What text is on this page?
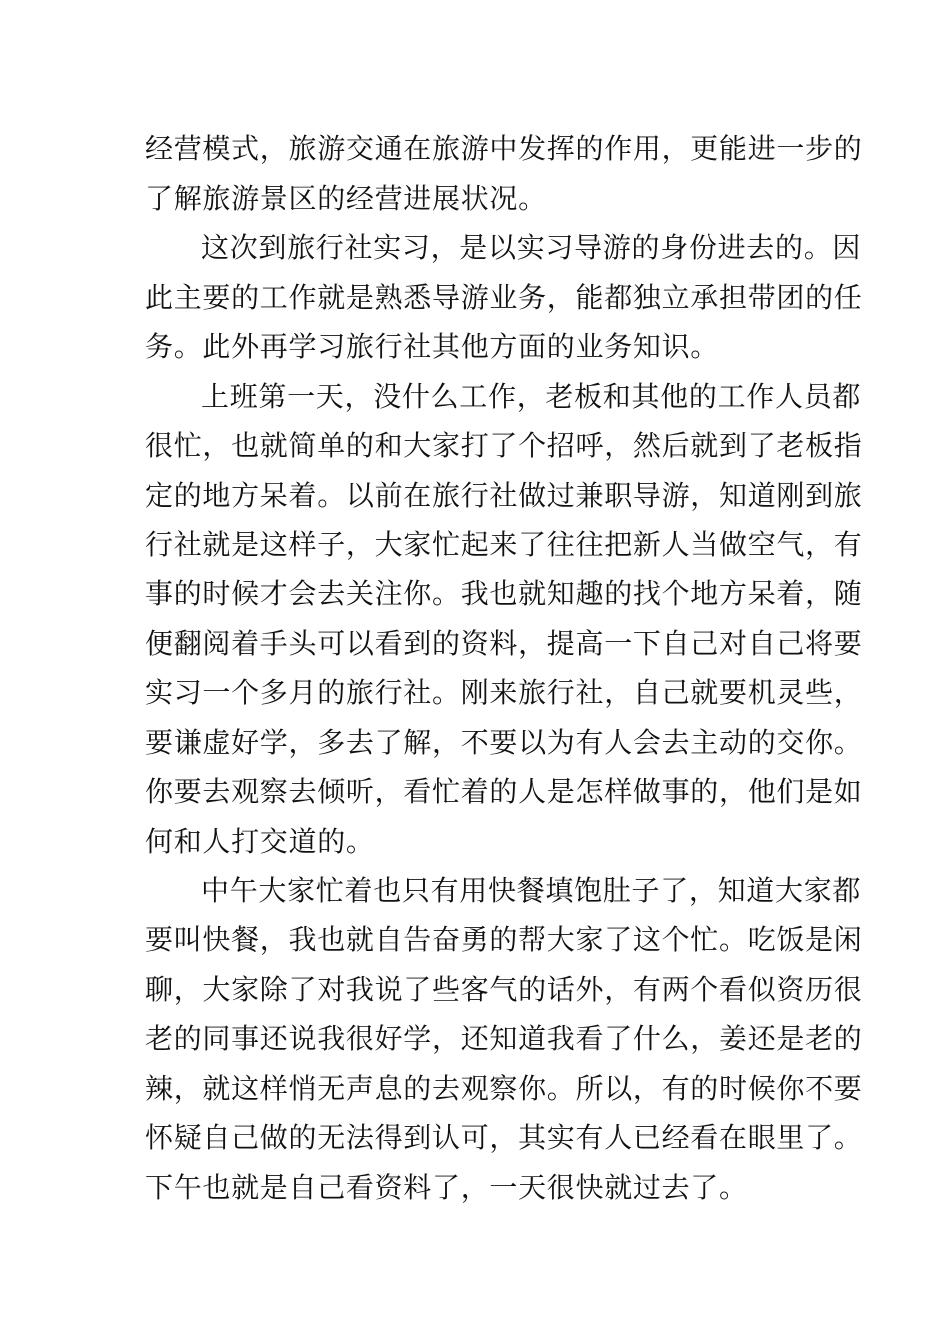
经营模式，旅游交通在旅游中发挥的作用，更能进一步的
了解旅游景区的经营进展状况。
这次到旅行社实习，是以实习导游的身份进去的。因
此主要的工作就是熟悉导游业务，能都独立承担带团的任
务。此外再学习旅行社其他方面的业务知识。
上班第一天，没什么工作，老板和其他的工作人员都
很忙，也就简单的和大家打了个招呼，然后就到了老板指
定的地方呆着。以前在旅行社做过兼职导游，知道刚到旅
行社就是这样子，大家忙起来了往往把新人当做空气，有
事的时候才会去关注你。我也就知趣的找个地方呆着，随
便翻阅着手头可以看到的资料，提高一下自己对自己将要
实习一个多月的旅行社。刚来旅行社，自己就要机灵些，
要谦虚好学，多去了解，不要以为有人会去主动的交你。
你要去观察去倾听，看忙着的人是怎样做事的，他们是如
何和人打交道的。
中午大家忙着也只有用快餐填饱肚子了，知道大家都
要叫快餐，我也就自告奋勇的帮大家了这个忙。吃饭是闲
聊，大家除了对我说了些客气的话外，有两个看似资历很
老的同事还说我很好学，还知道我看了什么，姜还是老的
辣，就这样悄无声息的去观察你。所以，有的时候你不要
怀疑自己做的无法得到认可，其实有人已经看在眼里了。
下午也就是自己看资料了，一天很快就过去了。
